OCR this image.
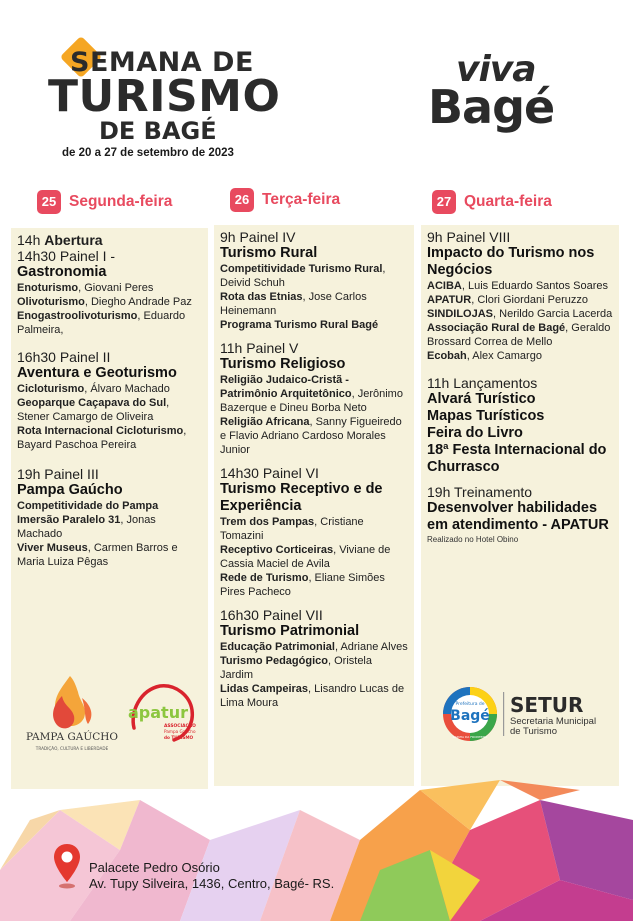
SEMANA DE
TURISMO
DE BAGÉ
de 20 a 27 de setembro de 2023
viva
Bagé
25 Segunda-feira	26 Terça-feira	27 Quarta-feira
14h Abertura
14h30 Painel I -
Gastronomia
Enoturismo, Giovani Peres
Olivoturismo, Diegho Andrade Paz
Enogastroolivoturismo, Eduardo Palmeira,
16h30 Painel II
Aventura e Geoturismo
Cicloturismo, Álvaro Machado
Geoparque Caçapava do Sul, Stener Camargo de Oliveira
Rota Internacional Cicloturismo, Bayard Paschoa Pereira
19h Painel III
Pampa Gaúcho
Competitividade do Pampa
Imersão Paralelo 31, Jonas Machado
Viver Museus, Carmen Barros e Maria Luiza Pêgas
9h Painel IV
Turismo Rural
Competitividade Turismo Rural, Deivid Schuh
Rota das Etnias, Jose Carlos Heinemann
Programa Turismo Rural Bagé
11h Painel V
Turismo Religioso
Religião Judaico-Cristã - Patrimônio Arquitetônico, Jerônimo Bazerque e Dineu Borba Neto
Religião Africana, Sanny Figueiredo e Flavio Adriano Cardoso Morales Junior
14h30 Painel VI
Turismo Receptivo e de Experiência
Trem dos Pampas, Cristiane Tomazini
Receptivo Corticeiras, Viviane de Cassia Maciel de Avila
Rede de Turismo, Eliane Simões Pires Pacheco
16h30 Painel VII
Turismo Patrimonial
Educação Patrimonial, Adriane Alves
Turismo Pedagógico, Oristela Jardim
Lidas Campeiras, Lisandro Lucas de Lima Moura
9h Painel VIII
Impacto do Turismo nos Negócios
ACIBA, Luis Eduardo Santos Soares
APATUR, Clori Giordani Peruzzo
SINDILOJAS, Nerildo Garcia Lacerda
Associação Rural de Bagé, Geraldo Brossard Correa de Mello
Ecobah, Alex Camargo
11h Lançamentos
Alvará Turístico
Mapas Turísticos
Feira do Livro
18ª Festa Internacional do Churrasco
19h Treinamento
Desenvolver habilidades em atendimento - APATUR
Realizado no Hotel Obino
PAMPA GAÚCHO
TRADIÇÃO, CULTURA E LIBERDADE
apatur
ASSOCIAÇÃO
Pampa Gaúcho
do TURISMO
Prefeitura de
Bagé
RAINHA DA FRONTEIRA
SETUR
Secretaria Municipal
de Turismo
Palacete Pedro Osório
Av. Tupy Silveira, 1436, Centro, Bagé- RS.
